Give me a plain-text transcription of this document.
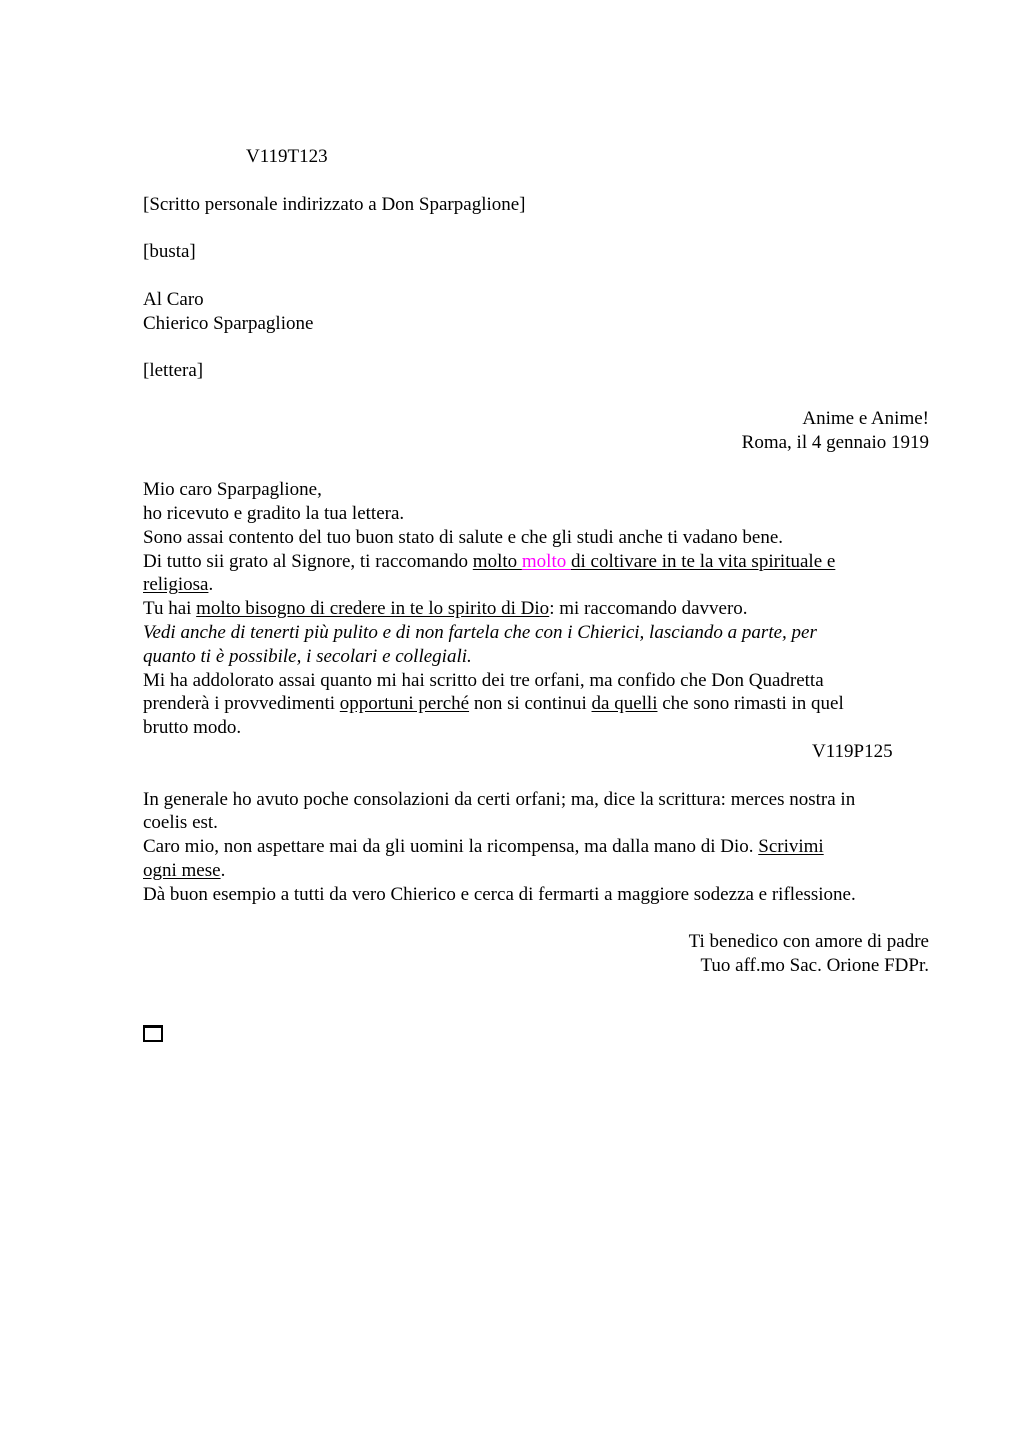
V119T123

[Scritto personale indirizzato a Don Sparpaglione]

[busta]

Al Caro
Chierico Sparpaglione

[lettera]

Anime e Anime!
Roma, il 4 gennaio 1919

Mio caro Sparpaglione,
ho ricevuto e gradito la tua lettera.
Sono assai contento del tuo buon stato di salute e che gli studi anche ti vadano bene.
Di tutto sii grato al Signore, ti raccomando molto molto di coltivare in te la vita spirituale e
religiosa.
Tu hai molto bisogno di credere in te lo spirito di Dio: mi raccomando davvero.
Vedi anche di tenerti più pulito e di non fartela che con i Chierici, lasciando a parte, per
quanto ti è possibile, i secolari e collegiali.
Mi ha addolorato assai quanto mi hai scritto dei tre orfani, ma confido che Don Quadretta
prenderà i provvedimenti opportuni perché non si continui da quelli che sono rimasti in quel
brutto modo.
V119P125

In generale ho avuto poche consolazioni da certi orfani; ma, dice la scrittura: merces nostra in
coelis est.
Caro mio, non aspettare mai da gli uomini la ricompensa, ma dalla mano di Dio. Scrivimi
ogni mese.
Dà buon esempio a tutti da vero Chierico e cerca di fermarti a maggiore sodezza e riflessione.

Ti benedico con amore di padre
Tuo aff.mo Sac. Orione FDPr.
